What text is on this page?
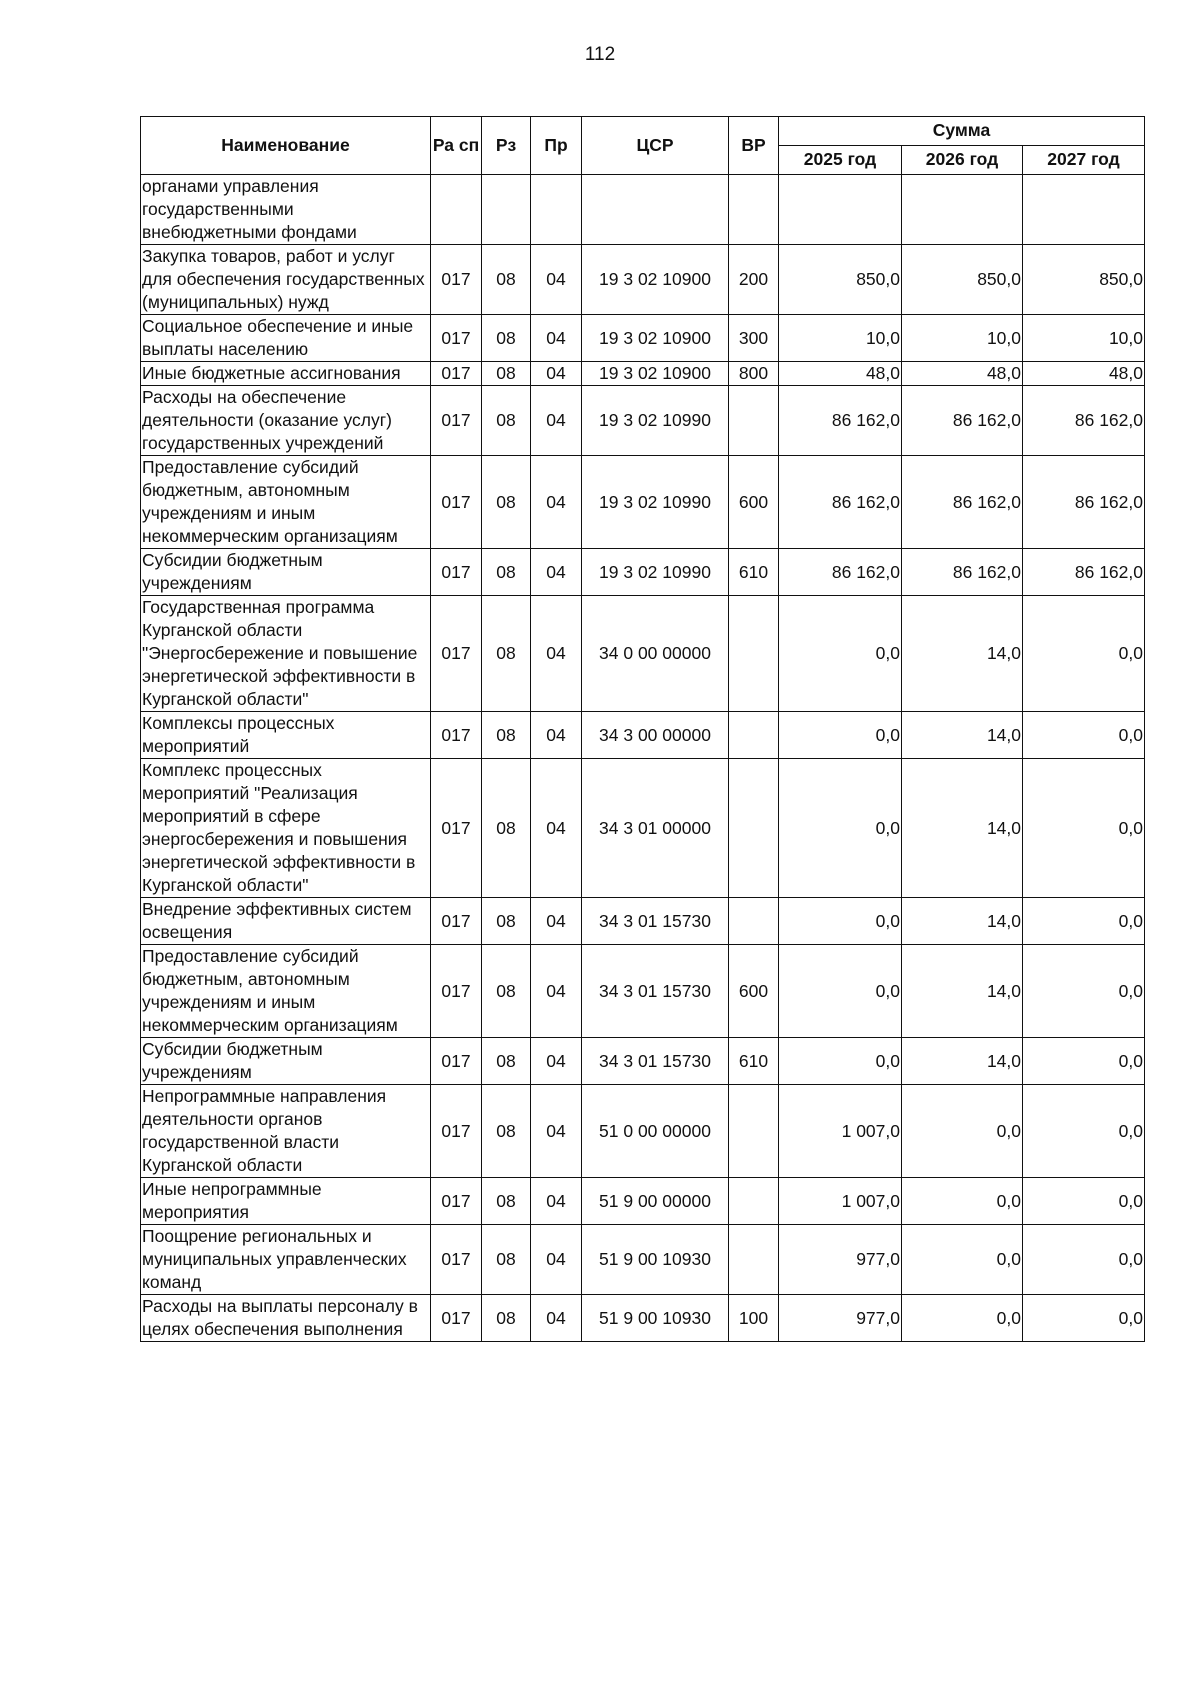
112
Наименование	Ра сп	Рз	Пр	ЦСР	ВР	Сумма		
						2025 год	2026 год	2027 год
органами управления государственными внебюджетными фондами								
Закупка товаров, работ и услуг для обеспечения государственных (муниципальных) нужд	017	08	04	19 3 02 10900	200	850,0	850,0	850,0
Социальное обеспечение и иные выплаты населению	017	08	04	19 3 02 10900	300	10,0	10,0	10,0
Иные бюджетные ассигнования	017	08	04	19 3 02 10900	800	48,0	48,0	48,0
Расходы на обеспечение деятельности (оказание услуг) государственных учреждений	017	08	04	19 3 02 10990		86 162,0	86 162,0	86 162,0
Предоставление субсидий бюджетным, автономным учреждениям и иным некоммерческим организациям	017	08	04	19 3 02 10990	600	86 162,0	86 162,0	86 162,0
Субсидии бюджетным учреждениям	017	08	04	19 3 02 10990	610	86 162,0	86 162,0	86 162,0
Государственная программа Курганской области "Энергосбережение и повышение энергетической эффективности в Курганской области"	017	08	04	34 0 00 00000		0,0	14,0	0,0
Комплексы процессных мероприятий	017	08	04	34 3 00 00000		0,0	14,0	0,0
Комплекс процессных мероприятий "Реализация мероприятий в сфере энергосбережения и повышения энергетической эффективности в Курганской области"	017	08	04	34 3 01 00000		0,0	14,0	0,0
Внедрение эффективных систем освещения	017	08	04	34 3 01 15730		0,0	14,0	0,0
Предоставление субсидий бюджетным, автономным учреждениям и иным некоммерческим организациям	017	08	04	34 3 01 15730	600	0,0	14,0	0,0
Субсидии бюджетным учреждениям	017	08	04	34 3 01 15730	610	0,0	14,0	0,0
Непрограммные направления деятельности органов государственной власти Курганской области	017	08	04	51 0 00 00000		1 007,0	0,0	0,0
Иные непрограммные мероприятия	017	08	04	51 9 00 00000		1 007,0	0,0	0,0
Поощрение региональных и муниципальных управленческих команд	017	08	04	51 9 00 10930		977,0	0,0	0,0
Расходы на выплаты персоналу в целях обеспечения выполнения	017	08	04	51 9 00 10930	100	977,0	0,0	0,0
